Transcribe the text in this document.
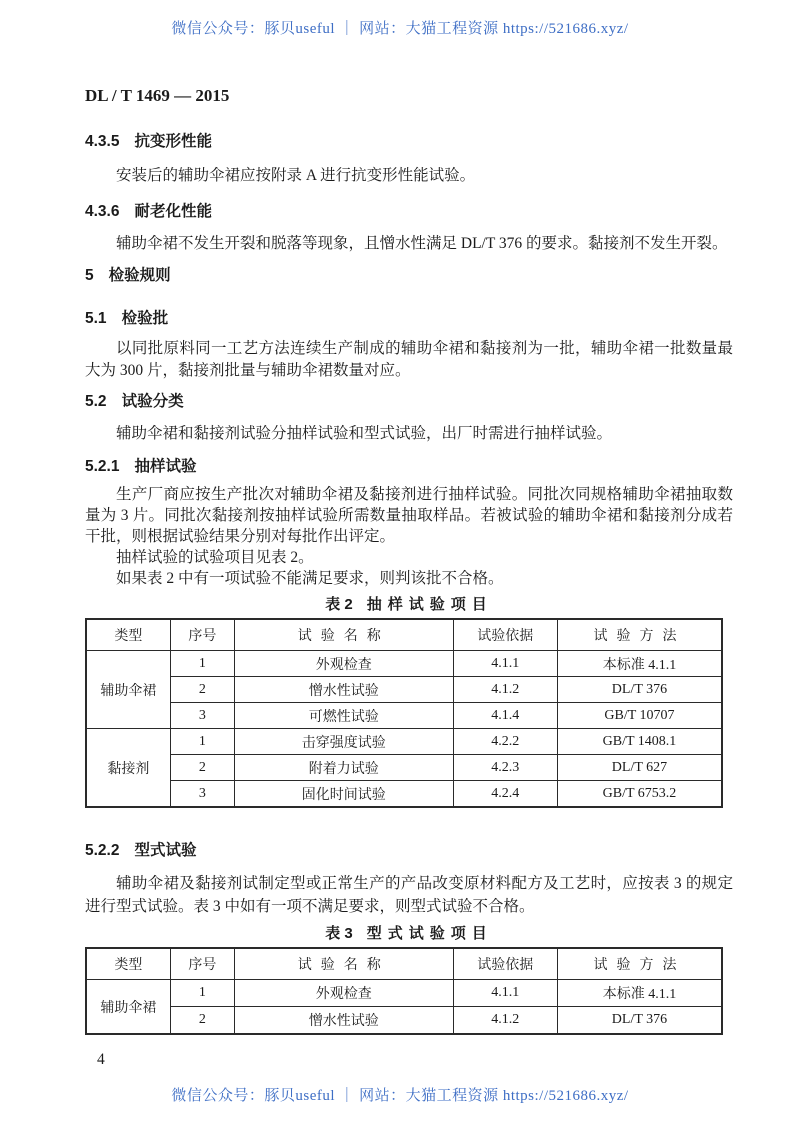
微信公众号：豚贝useful ｜ 网站：大猫工程资源 https://521686.xyz/
DL / T 1469 — 2015
4.3.5 抗变形性能

安装后的辅助伞裙应按附录 A 进行抗变形性能试验。

4.3.6 耐老化性能

辅助伞裙不发生开裂和脱落等现象，且憎水性满足 DL/T 376 的要求。黏接剂不发生开裂。

5 检验规则
5.1 检验批

以同批原料同一工艺方法连续生产制成的辅助伞裙和黏接剂为一批，辅助伞裙一批数量最大为 300 片，黏接剂批量与辅助伞裙数量对应。

5.2 试验分类

辅助伞裙和黏接剂试验分抽样试验和型式试验，出厂时需进行抽样试验。

5.2.1 抽样试验

生产厂商应按生产批次对辅助伞裙及黏接剂进行抽样试验。同批次同规格辅助伞裙抽取数量为 3 片。同批次黏接剂按抽样试验所需数量抽取样品。若被试验的辅助伞裙和黏接剂分成若干批，则根据试验结果分别对每批作出评定。

抽样试验的试验项目见表 2。

如果表 2 中有一项试验不能满足要求，则判该批不合格。

表 2 抽样试验项目
类型	序号	试验名称	试验依据	试验方法
辅助伞裙	1	外观检查	4.1.1	本标准 4.1.1
	2	憎水性试验	4.1.2	DL/T 376
	3	可燃性试验	4.1.4	GB/T 10707
黏接剂	1	击穿强度试验	4.2.2	GB/T 1408.1
	2	附着力试验	4.2.3	DL/T 627
	3	固化时间试验	4.2.4	GB/T 6753.2
5.2.2 型式试验

辅助伞裙及黏接剂试制定型或正常生产的产品改变原材料配方及工艺时，应按表 3 的规定进行型式试验。表 3 中如有一项不满足要求，则型式试验不合格。

表 3 型式试验项目
类型	序号	试验名称	试验依据	试验方法
辅助伞裙	1	外观检查	4.1.1	本标准 4.1.1
	2	憎水性试验	4.1.2	DL/T 376
4
微信公众号：豚贝useful ｜ 网站：大猫工程资源 https://521686.xyz/
